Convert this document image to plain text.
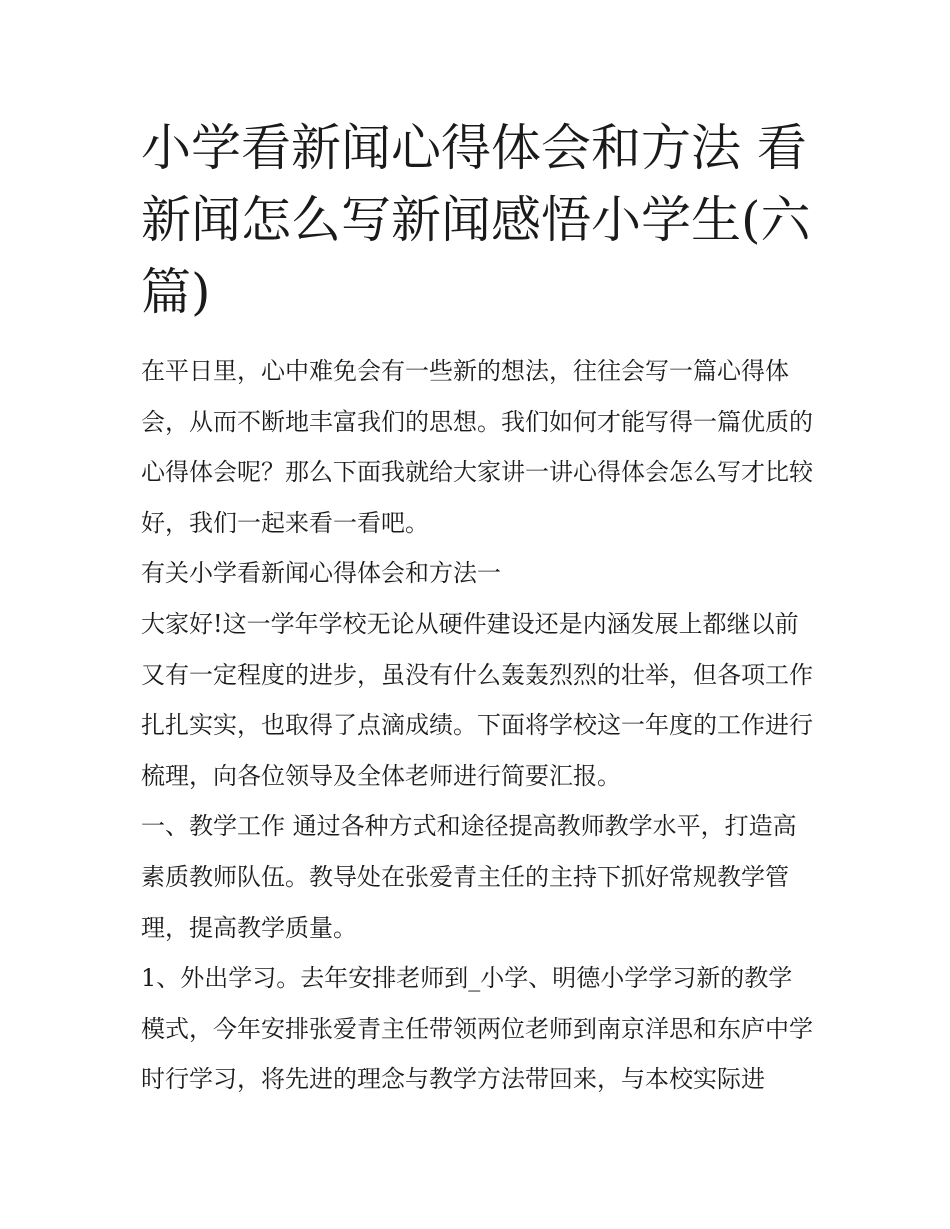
小学看新闻心得体会和方法 看新闻怎么写新闻感悟小学生(六篇)

在平日里，心中难免会有一些新的想法，往往会写一篇心得体会，从而不断地丰富我们的思想。我们如何才能写得一篇优质的心得体会呢？那么下面我就给大家讲一讲心得体会怎么写才比较好，我们一起来看一看吧。

有关小学看新闻心得体会和方法一

大家好!这一学年学校无论从硬件建设还是内涵发展上都继以前又有一定程度的进步，虽没有什么轰轰烈烈的壮举，但各项工作扎扎实实，也取得了点滴成绩。下面将学校这一年度的工作进行梳理，向各位领导及全体老师进行简要汇报。

一、教学工作 通过各种方式和途径提高教师教学水平，打造高素质教师队伍。教导处在张爱青主任的主持下抓好常规教学管理，提高教学质量。

1、外出学习。去年安排老师到_小学、明德小学学习新的教学模式，今年安排张爱青主任带领两位老师到南京洋思和东庐中学时行学习，将先进的理念与教学方法带回来，与本校实际进
